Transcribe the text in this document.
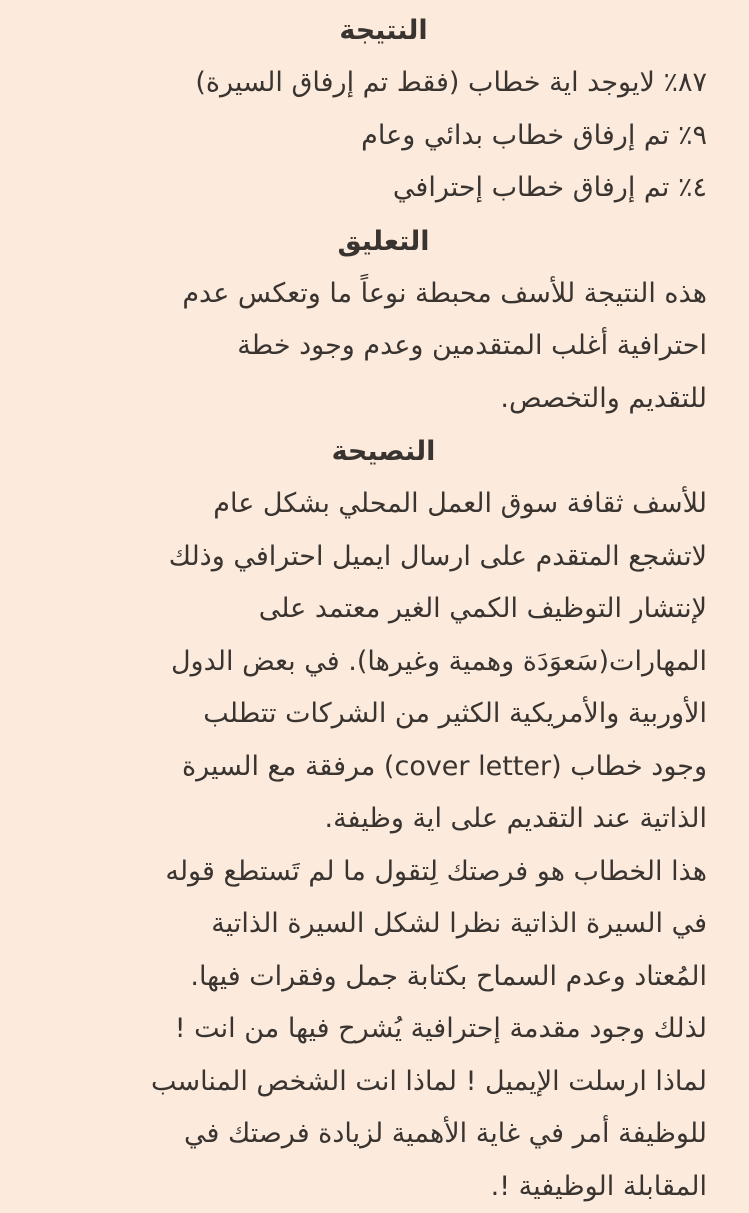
النتيجة
٨٧٪ لايوجد اية خطاب (فقط تم إرفاق السيرة)
٩٪ تم إرفاق خطاب بدائي وعام
٤٪ تم إرفاق خطاب إحترافي
التعليق
هذه النتيجة للأسف محبطة نوعاً ما وتعكس عدم
احترافية أغلب المتقدمين وعدم وجود خطة
للتقديم والتخصص.
النصيحة
للأسف ثقافة سوق العمل المحلي بشكل عام
لاتشجع المتقدم على ارسال ايميل احترافي وذلك
لإنتشار التوظيف الكمي الغير معتمد على
المهارات(سَعوَدَة وهمية وغيرها). في بعض الدول
الأوربية والأمريكية الكثير من الشركات تتطلب
وجود خطاب (cover letter) مرفقة مع السيرة
الذاتية عند التقديم على اية وظيفة.
هذا الخطاب هو فرصتك لِتقول ما لم تَستطع قوله
في السيرة الذاتية نظرا لشكل السيرة الذاتية
المُعتاد وعدم السماح بكتابة جمل وفقرات فيها.
لذلك وجود مقدمة إحترافية يُشرح فيها من انت !
لماذا ارسلت الإيميل ! لماذا انت الشخص المناسب
للوظيفة أمر في غاية الأهمية لزيادة فرصتك في
المقابلة الوظيفية !.
